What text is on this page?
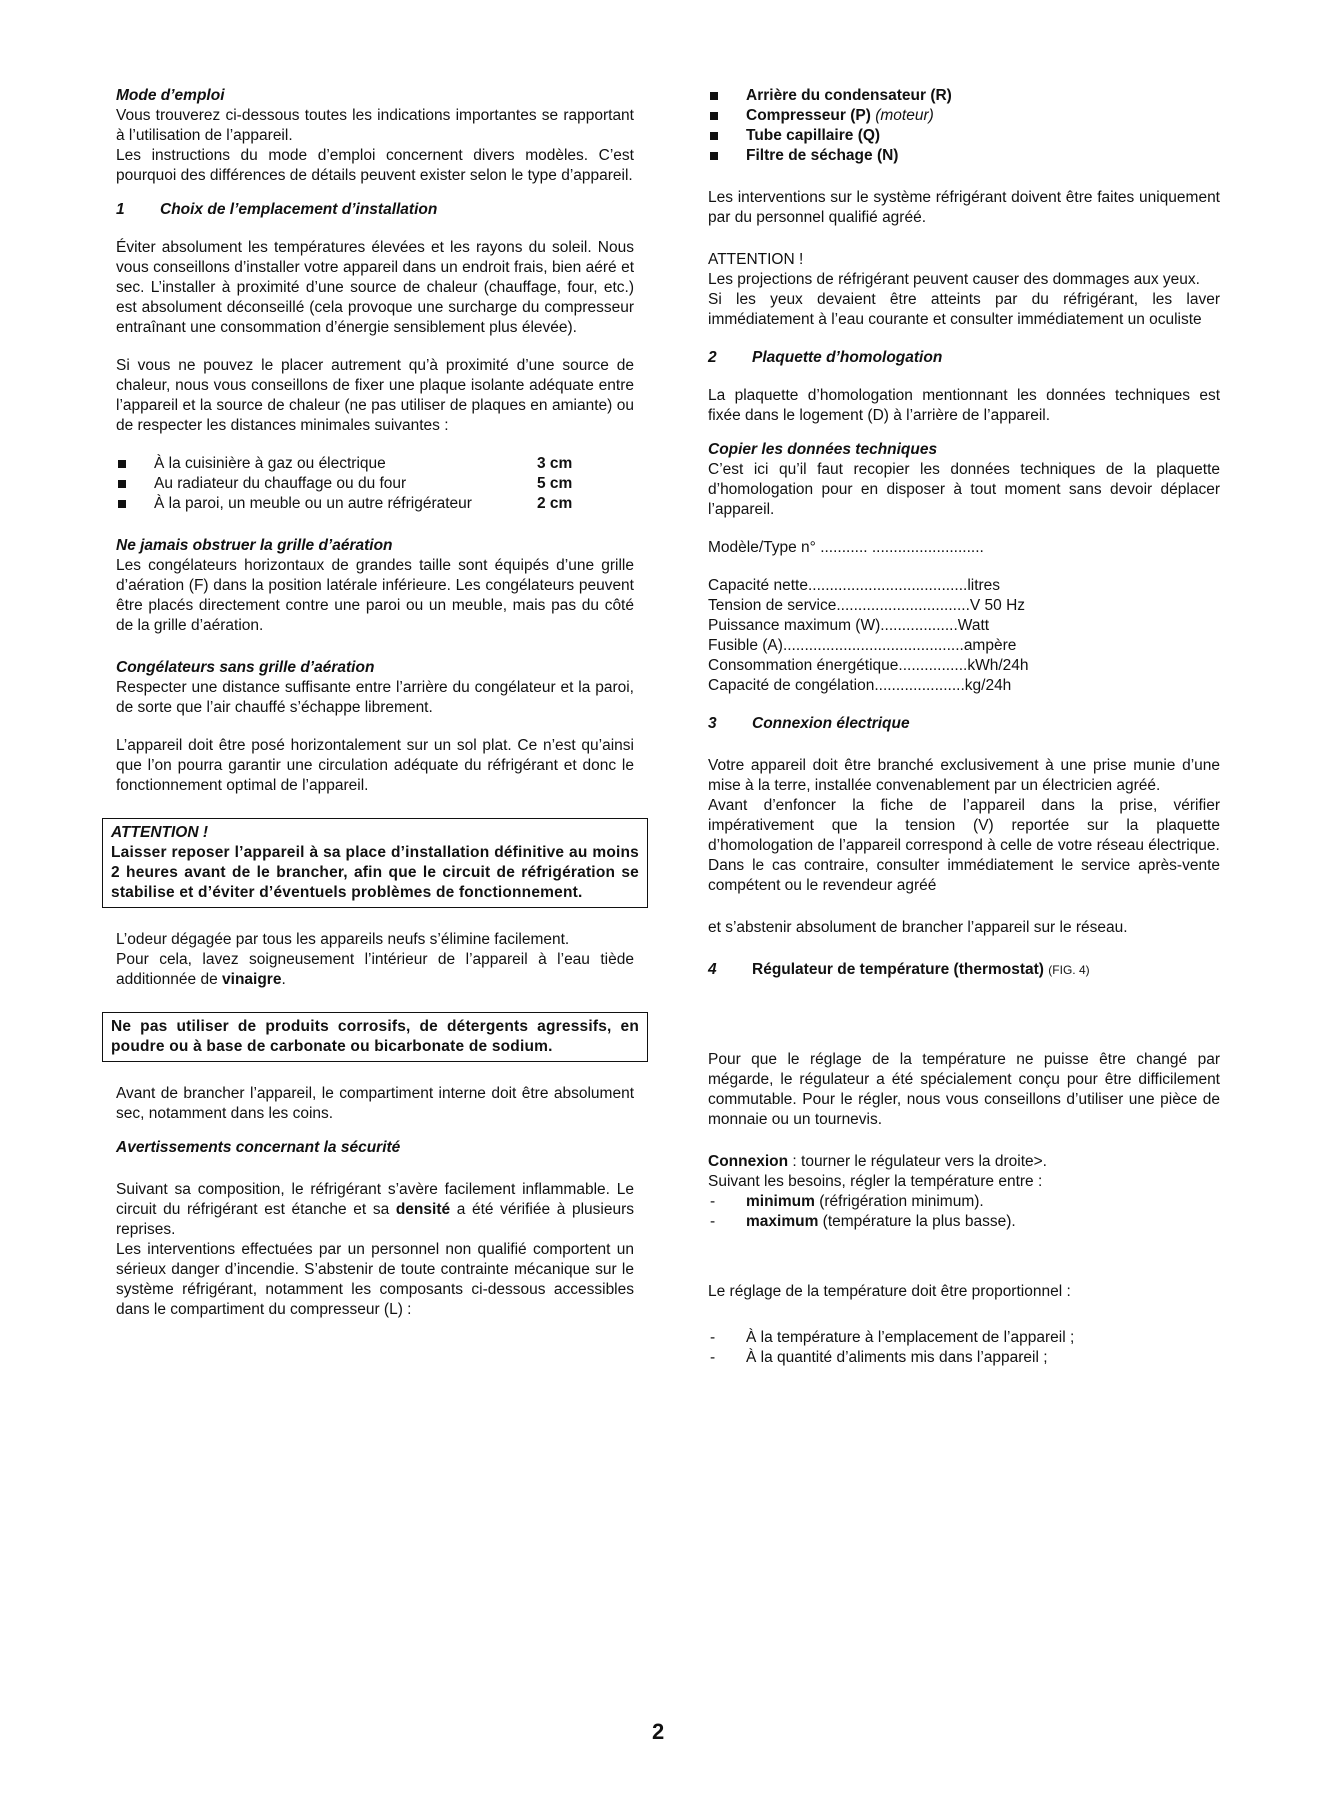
Mode d’emploi

Vous trouverez ci-dessous toutes les indications importantes se rapportant à l’utilisation de l’appareil.

Les instructions du mode d’emploi concernent divers modèles. C’est pourquoi des différences de détails peuvent exister selon le type d’appareil.

1 Choix de l’emplacement d’installation

Éviter absolument les températures élevées et les rayons du soleil. Nous vous conseillons d’installer votre appareil dans un endroit frais, bien aéré et sec. L’installer à proximité d’une source de chaleur (chauffage, four, etc.) est absolument déconseillé (cela provoque une surcharge du compresseur entraînant une consommation d’énergie sensiblement plus élevée).

Si vous ne pouvez le placer autrement qu’à proximité d’une source de chaleur, nous vous conseillons de fixer une plaque isolante adéquate entre l’appareil et la source de chaleur (ne pas utiliser de plaques en amiante) ou de respecter les distances minimales suivantes :

À la cuisinière à gaz ou électrique	3 cm
Au radiateur du chauffage ou du four	5 cm
À la paroi, un meuble ou un autre réfrigérateur	2 cm

Ne jamais obstruer la grille d’aération

Les congélateurs horizontaux de grandes taille sont équipés d’une grille d’aération (F) dans la position latérale inférieure. Les congélateurs peuvent être placés directement contre une paroi ou un meuble, mais pas du côté de la grille d’aération.

Congélateurs sans grille d’aération

Respecter une distance suffisante entre l’arrière du congélateur et la paroi, de sorte que l’air chauffé s’échappe librement.

L’appareil doit être posé horizontalement sur un sol plat. Ce n’est qu’ainsi que l’on pourra garantir une circulation adéquate du réfrigérant et donc le fonctionnement optimal de l’appareil.

ATTENTION !

Laisser reposer l’appareil à sa place d’installation définitive au moins 2 heures avant de le brancher, afin que le circuit de réfrigération se stabilise et d’éviter d’éventuels problèmes de fonctionnement.

L’odeur dégagée par tous les appareils neufs s’élimine facilement.

Pour cela, lavez soigneusement l’intérieur de l’appareil à l’eau tiède additionnée de vinaigre.

Ne pas utiliser de produits corrosifs, de détergents agressifs, en poudre ou à base de carbonate ou bicarbonate de sodium.

Avant de brancher l’appareil, le compartiment interne doit être absolument sec, notamment dans les coins.

Avertissements concernant la sécurité

Suivant sa composition, le réfrigérant s’avère facilement inflammable. Le circuit du réfrigérant est étanche et sa densité a été vérifiée à plusieurs reprises.

Les interventions effectuées par un personnel non qualifié comportent un sérieux danger d’incendie. S’abstenir de toute contrainte mécanique sur le système réfrigérant, notamment les composants ci-dessous accessibles dans le compartiment du compresseur (L) :

Arrière du condensateur (R)
Compresseur (P) (moteur)
Tube capillaire (Q)
Filtre de séchage (N)

Les interventions sur le système réfrigérant doivent être faites uniquement par du personnel qualifié agréé.

ATTENTION !

Les projections de réfrigérant peuvent causer des dommages aux yeux.

Si les yeux devaient être atteints par du réfrigérant, les laver immédiatement à l’eau courante et consulter immédiatement un oculiste

2 Plaquette d’homologation

La plaquette d’homologation mentionnant les données techniques est fixée dans le logement (D) à l’arrière de l’appareil.

Copier les données techniques

C’est ici qu’il faut recopier les données techniques de la plaquette d’homologation pour en disposer à tout moment sans devoir déplacer l’appareil.

Modèle/Type n° ........... ..........................

Capacité nette ..................................... litres
Tension de service ............................... V 50 Hz
Puissance maximum (W) .................. Watt
Fusible (A) .......................................... ampère
Consommation énergétique ................ kWh/24h
Capacité de congélation ..................... kg/24h

3 Connexion électrique

Votre appareil doit être branché exclusivement à une prise munie d’une mise à la terre, installée convenablement par un électricien agréé.

Avant d’enfoncer la fiche de l’appareil dans la prise, vérifier impérativement que la tension (V) reportée sur la plaquette d’homologation de l’appareil correspond à celle de votre réseau électrique.

Dans le cas contraire, consulter immédiatement le service après-vente compétent ou le revendeur agréé

et s’abstenir absolument de brancher l’appareil sur le réseau.

4 Régulateur de température (thermostat) (FIG. 4)

Pour que le réglage de la température ne puisse être changé par mégarde, le régulateur a été spécialement conçu pour être difficilement commutable. Pour le régler, nous vous conseillons d’utiliser une pièce de monnaie ou un tournevis.

Connexion : tourner le régulateur vers la droite>.

Suivant les besoins, régler la température entre :

- minimum (réfrigération minimum).
- maximum (température la plus basse).

Le réglage de la température doit être proportionnel :

- À la température à l’emplacement de l’appareil ;
- À la quantité d’aliments mis dans l’appareil ;
2
